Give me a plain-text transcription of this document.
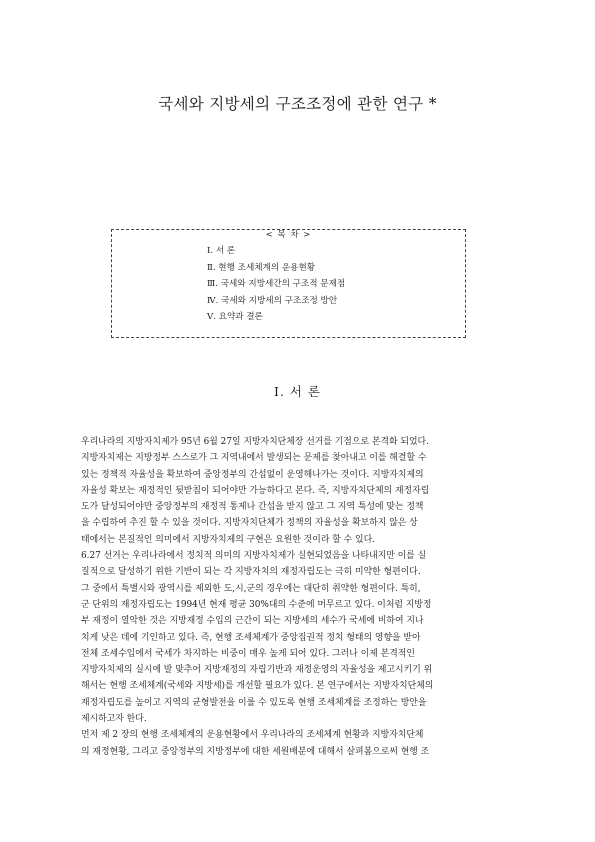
국세와 지방세의 구조조정에 관한 연구 *
< 목 차 >
Ⅰ. 서 론
Ⅱ. 현행 조세체계의 운용현황
Ⅲ. 국세와 지방세간의 구조적 문제점
Ⅳ. 국세와 지방세의 구조조정 방안
Ⅴ. 요약과 결론
Ⅰ. 서 론
우리나라의 지방자치제가 95년 6월 27일 지방자치단체장 선거를 기점으로 본격화 되었다.
지방자치제는 지방정부 스스로가 그 지역내에서 발생되는 문제를 찾아내고 이를 해결할 수
있는 정책적 자율성을 확보하여 중앙정부의 간섭없이 운영해나가는 것이다. 지방자치제의
자율성 확보는 재정적인 뒷받침이 되어야만 가능하다고 본다. 즉, 지방자치단체의 재정자립
도가 달성되어야만 중앙정부의 재정적 통제나 간섭을 받지 않고 그 지역 특성에 맞는 정책
을 수립하여 추진 할 수 있을 것이다. 지방자치단체가 정책의 자율성을 확보하지 않은 상
태에서는 본질적인 의미에서 지방자치제의 구현은 요원한 것이라 할 수 있다.
6.27 선거는 우리나라에서 정치적 의미의 지방자치제가 실현되었음을 나타내지만 이를 실
질적으로 달성하기 위한 기반이 되는 각 지방자치의 재정자립도는 극히 미약한 형편이다.
그 중에서 특별시와 광역시를 제외한 도,시,군의 경우에는 대단히 취약한 형편이다. 특히,
군 단위의 재정자립도는 1994년 현재 평균 30%대의 수준에 머무르고 있다. 이처럼 지방정
부 재정이 열악한 것은 지방재정 수입의 근간이 되는 지방세의 세수가 국세에 비하여 지나
치게 낮은 데에 기인하고 있다. 즉, 현행 조세체계가 중앙집권적 정치 형태의 영향을 받아
전체 조세수입에서 국세가 차지하는 비중이 매우 높게 되어 있다. 그러나 이제 본격적인
지방자치제의 실시에 발 맞추어 지방재정의 자립기반과 재정운영의 자율성을 제고시키기 위
해서는 현행 조세체계(국세와 지방세)를 개선할 필요가 있다. 본 연구에서는 지방자치단체의
재정자립도를 높이고 지역의 균형발전을 이룰 수 있도록 현행 조세체계를 조정하는 방안을
제시하고자 한다.
먼저 제 2 장의 현행 조세체계의 운용현황에서 우리나라의 조세체계 현황과 지방자치단체
의 재정현황, 그리고 중앙정부의 지방정부에 대한 세원배분에 대해서 살펴봄으로써 현행 조
